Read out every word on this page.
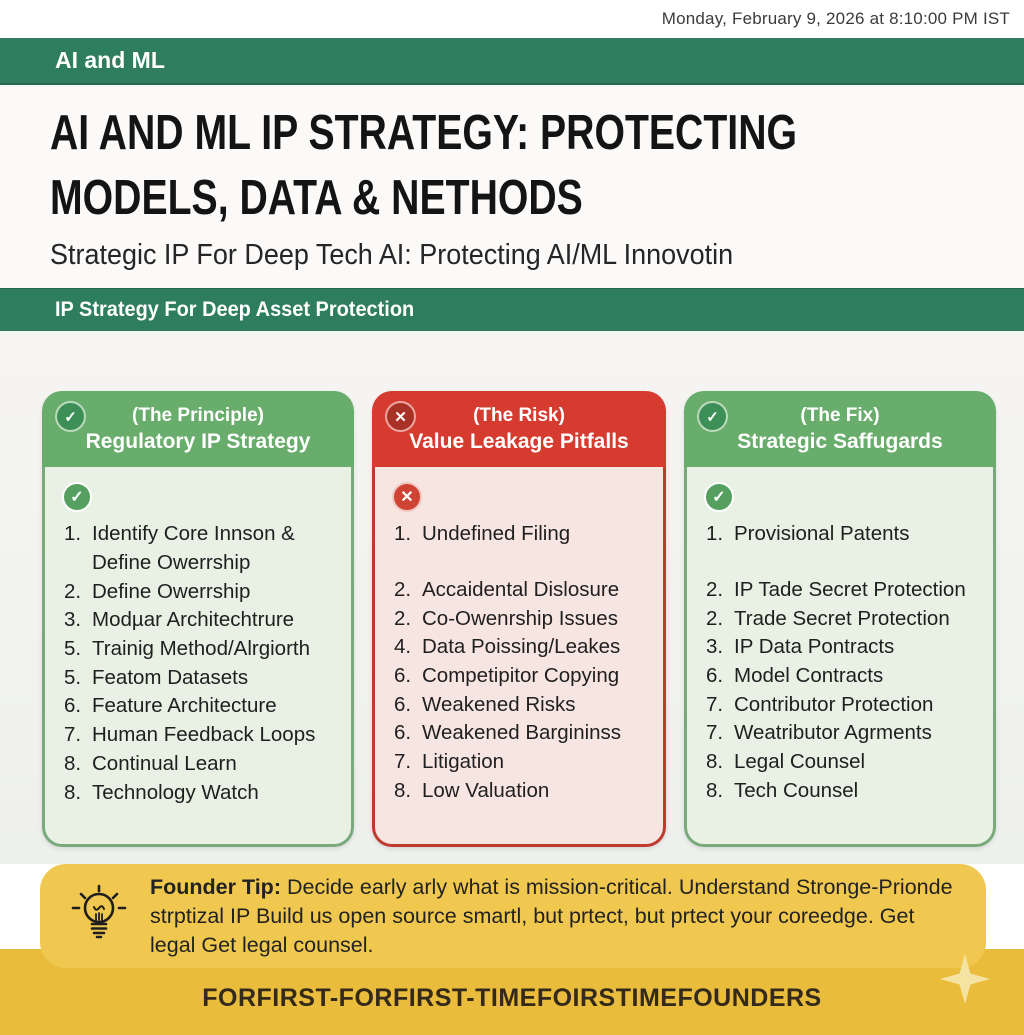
Monday, February 9, 2026 at 8:10:00 PM IST
AI and ML
AI AND ML IP STRATEGY: PROTECTING
MODELS, DATA & NETHODS
Strategic IP For Deep Tech AI: Protecting AI/ML Innovotin
IP Strategy For Deep Asset Protection
✓	(The Principle)
Regulatory IP Strategy
✓
1. Identify Core Innson & Define Owerrship
2. Define Owerrship
3. Modµar Architechtrure
5. Trainig Method/Alrgiorth
5. Featom Datasets
6. Feature Architecture
7. Human Feedback Loops
8. Continual Learn
8. Technology Watch
✕	(The Risk)
Value Leakage Pitfalls
✕
1. Undefined Filing
2. Accaidental Dislosure
2. Co-Owenrship Issues
4. Data Poissing/Leakes
6. Competipitor Copying
6. Weakened Risks
6. Weakened Bargininss
7. Litigation
8. Low Valuation
✓	(The Fix)
Strategic Saffugards
✓
1. Provisional Patents
2. IP Tade Secret Protection
2. Trade Secret Protection
3. IP Data Pontracts
6. Model Contracts
7. Contributor Protection
7. Weatributor Agrments
8. Legal Counsel
8. Tech Counsel
Founder Tip: Decide early arly what is mission-critical. Understand Stronge-Prionde strptizal IP Build us open source smartl, but prtect, but prtect your coreedge. Get legal Get legal counsel.
FORFIRST-FORFIRST-TIMEFOIRSTIMEFOUNDERS
